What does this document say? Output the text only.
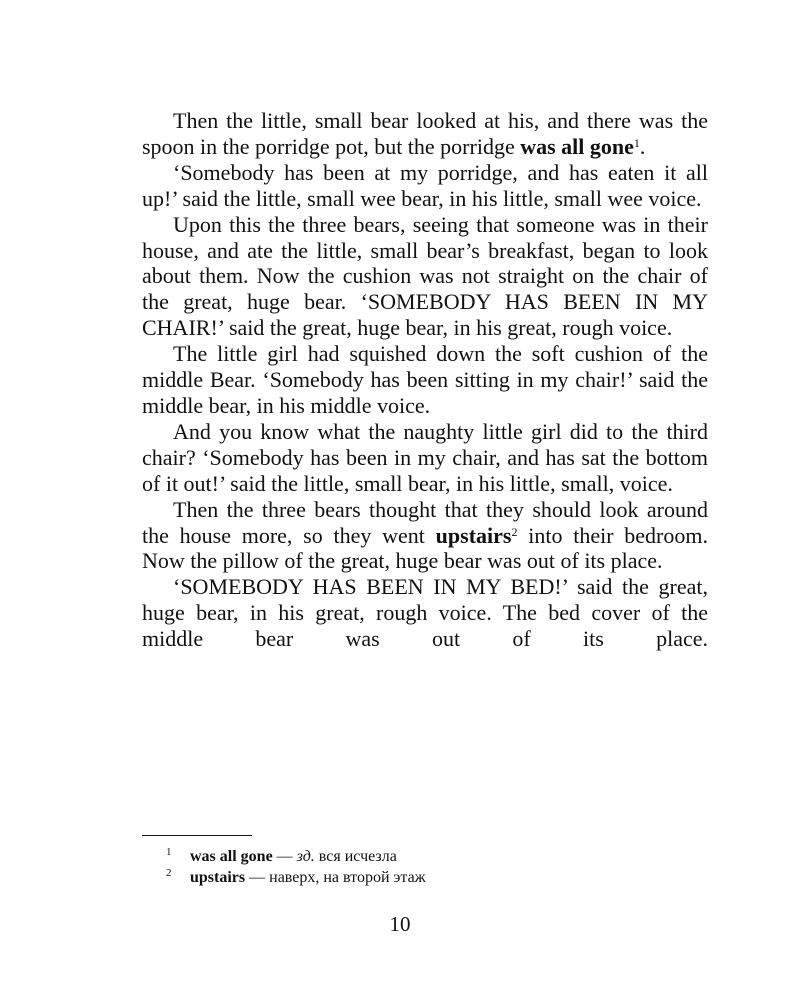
Then the little, small bear looked at his, and there was the spoon in the porridge pot, but the porridge was all gone$^1$.

‘Somebody has been at my porridge, and has eaten it all up!’ said the little, small wee bear, in his little, small wee voice.

Upon this the three bears, seeing that someone was in their house, and ate the little, small bear’s breakfast, began to look about them. Now the cushion was not straight on the chair of the great, huge bear. ‘SOMEBODY HAS BEEN IN MY CHAIR!’ said the great, huge bear, in his great, rough voice.

The little girl had squished down the soft cushion of the middle Bear. ‘Somebody has been sitting in my chair!’ said the middle bear, in his middle voice.

And you know what the naughty little girl did to the third chair? ‘Somebody has been in my chair, and has sat the bottom of it out!’ said the little, small bear, in his little, small, voice.

Then the three bears thought that they should look around the house more, so they went upstairs$^2$ into their bedroom. Now the pillow of the great, huge bear was out of its place.

‘SOMEBODY HAS BEEN IN MY BED!’ said the great, huge bear, in his great, rough voice. The bed cover of the middle bear was out of its place.

1 was all gone — зд. вся исчезла
2 upstairs — наверх, на второй этаж
10
